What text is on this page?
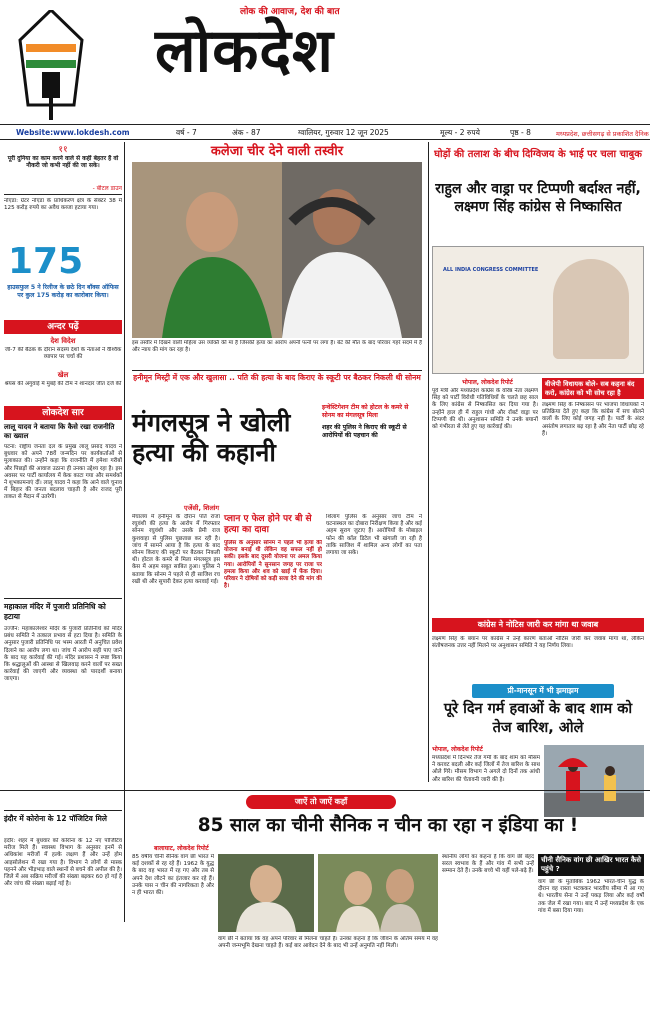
लोक की आवाज, देश की बात
लोकदेश
Website:www.lokdesh.com	वर्ष - 7	अंक - 87	ग्वालियर, गुरुवार 12 जून 2025	मूल्य - 2 रुपये	पृष्ठ - 8	मध्यप्रदेश, छत्तीसगढ़ से प्रकाशित दैनिक
११
पूरी दुनिया का काम करने वाले से कहीं बेहतर है वो नौकरी जो कभी नहीं की जा सके।
- बीटल डाउन
नोएडा: ग्रेटर नोएडा के प्राधिकरण क्षेत्र के सेक्टर 38 में 125 करोड़ रुपये का अवैध कब्जा हटाया गया।
175
हाउसफुल 5 ने रिलीज के छठे दिन बॉक्स ऑफिस पर कुल 175 करोड़ का कारोबार किया।
अन्दर पढ़ें
देश विदेश
जी-7 की बैठक के दौरान सदस्य देशों के नेताओं ने वैश्विक व्यापार पर चर्चा की
खेल
श्रेयस की अगुवाई में मुंबई की टीम ने शानदार जीत दर्ज की
लोकदेश सार
लालू यादव ने बताया कि कैसे रखा राजनीति का ख्याल
पटना: राष्ट्रीय जनता दल के प्रमुख लालू प्रसाद यादव ने बुधवार को अपने 78वें जन्मदिन पर कार्यकर्ताओं से मुलाकात की। उन्होंने कहा कि राजनीति में हमेशा गरीबों और पिछड़ों की आवाज उठाना ही उनका उद्देश्य रहा है। इस अवसर पर पार्टी कार्यालय में केक काटा गया और समर्थकों ने शुभकामनाएं दीं। लालू यादव ने कहा कि आने वाले चुनाव में बिहार की जनता बदलाव चाहती है और राजद पूरी ताकत से मैदान में उतरेगी।
महाकाल मंदिर में पुजारी प्रतिनिधि को हटाया
उज्जैन: महाकालेश्वर मंदिर के पुजारी प्रतिनिधि को मंदिर प्रबंध समिति ने तत्काल प्रभाव से हटा दिया है। समिति के अनुसार पुजारी प्रतिनिधि पर भस्म आरती में अनुचित प्रवेश दिलाने का आरोप लगा था। जांच में आरोप सही पाए जाने के बाद यह कार्रवाई की गई। मंदिर प्रशासन ने स्पष्ट किया कि श्रद्धालुओं की आस्था से खिलवाड़ करने वालों पर सख्त कार्रवाई की जाएगी और व्यवस्था को पारदर्शी बनाया जाएगा।
इंदौर में कोरोना के 12 पॉजिटिव मिले
इंदौर: शहर में बुधवार को कोरोना के 12 नए पॉजिटिव मरीज मिले हैं। स्वास्थ्य विभाग के अनुसार इनमें से अधिकांश मरीजों में हल्के लक्षण हैं और उन्हें होम आइसोलेशन में रखा गया है। विभाग ने लोगों से मास्क पहनने और भीड़भाड़ वाले स्थानों से बचने की अपील की है। जिले में अब सक्रिय मरीजों की संख्या बढ़कर 60 हो गई है और जांच की संख्या बढ़ाई गई है।
कलेजा चीर देने वाली तस्वीर
इस तस्वीर में दिखने वाली महिला उस व्यक्ति की मां है जिसकी हत्या का आरोप अपनी पत्नी पर लगा है। बेटे की मौत के बाद परिवार गहरे सदमे में है और न्याय की मांग कर रहा है।
हनीमून मिस्ट्री में एक और खुलासा .. पति की हत्या के बाद किराए के स्कूटी पर बैठकर निकली थी सोनम
मंगलसूत्र ने खोली हत्या की कहानी
इन्वेस्टिगेशन टीम को होटल के कमरे से सोनम का मंगलसूत्र मिला
शहर की पुलिस ने किराए की स्कूटी से आरोपियों की पहचान की
एजेंसी, शिलांग
मेघालय में हनीमून के दौरान पति राजा रघुवंशी की हत्या के आरोप में गिरफ्तार सोनम रघुवंशी और उसके प्रेमी राज कुशवाहा से पुलिस पूछताछ कर रही है। जांच में सामने आया है कि हत्या के बाद सोनम किराए की स्कूटी पर बैठकर निकली थी। होटल के कमरे से मिला मंगलसूत्र इस केस में अहम सबूत साबित हुआ। पुलिस ने बताया कि सोनम ने पहले से ही साजिश रच रखी थी और सुपारी देकर हत्या करवाई गई।
प्लान ए फेल होने पर बी से हत्या का दावा
पुलिस के अनुसार सोनम ने पहले भी हत्या की योजना बनाई थी लेकिन वह सफल नहीं हो सकी। इसके बाद दूसरी योजना पर अमल किया गया। आरोपियों ने सुनसान जगह पर राजा पर हमला किया और शव को खाई में फेंक दिया। परिवार ने दोषियों को कड़ी सजा देने की मांग की है।
शिलांग पुलिस के अनुसार जांच टीम ने घटनास्थल का दोबारा निरीक्षण किया है और कई अहम सुराग जुटाए हैं। आरोपियों के मोबाइल फोन की कॉल डिटेल भी खंगाली जा रही है ताकि साजिश में शामिल अन्य लोगों का पता लगाया जा सके।
घोड़ों की तलाश के बीच दिग्विजय के भाई पर चला चाबुक
राहुल और वाड्रा पर टिप्पणी बर्दाश्त नहीं, लक्ष्मण सिंह कांग्रेस से निष्कासित
ALL INDIA CONGRESS COMMITTEE
भोपाल, लोकदेश रिपोर्ट
पूर्व मंत्री और मध्यप्रदेश कांग्रेस के वरिष्ठ नेता लक्ष्मण सिंह को पार्टी विरोधी गतिविधियों के चलते छह साल के लिए कांग्रेस से निष्कासित कर दिया गया है। उन्होंने हाल ही में राहुल गांधी और रॉबर्ट वाड्रा पर टिप्पणी की थी। अनुशासन समिति ने उनके बयानों को गंभीरता से लेते हुए यह कार्रवाई की।
बीजेपी विधायक बोले- सब कहना बंद करो, कांग्रेस को भी सोच रहा है
लक्ष्मण सिंह के निष्कासन पर भाजपा विधायकों ने प्रतिक्रिया देते हुए कहा कि कांग्रेस में सच बोलने वालों के लिए कोई जगह नहीं है। पार्टी के अंदर असंतोष लगातार बढ़ रहा है और नेता पार्टी छोड़ रहे हैं।
कांग्रेस ने नोटिस जारी कर मांगा था जवाब
लक्ष्मण सिंह के बयान पर कांग्रेस ने उन्हें कारण बताओ नोटिस जारी कर जवाब मांगा था, लेकिन संतोषजनक उत्तर नहीं मिलने पर अनुशासन समिति ने यह निर्णय लिया।
प्री-मानसून में भी झमाझम
पूरे दिन गर्म हवाओं के बाद शाम को तेज बारिश, ओले
भोपाल, लोकदेश रिपोर्ट
मध्यप्रदेश में दिनभर तेज गर्मी के बाद शाम को मौसम ने करवट बदली और कई जिलों में तेज बारिश के साथ ओले गिरे। मौसम विभाग ने अगले दो दिनों तक आंधी और बारिश की चेतावनी जारी की है।
जाऐं तो जाऐं कहाँ
85 साल का चीनी सैनिक न चीन का रहा न इंडिया का !
बालाघाट, लोकदेश रिपोर्ट
85 वर्षीय चीनी सैनिक वांग छी भारत में कई दशकों से रह रहे हैं। 1962 के युद्ध के बाद वह भारत में रह गए और तब से अपने देश लौटने का इंतजार कर रहे हैं। उनके पास न चीन की नागरिकता है और न ही भारत की।
वांग छी ने बताया कि वह अपने परिवार से मिलना चाहते हैं। उनका कहना है कि जीवन के अंतिम समय में वह अपनी जन्मभूमि देखना चाहते हैं। कई बार आवेदन देने के बाद भी उन्हें अनुमति नहीं मिली।
स्थानीय लोगों का कहना है कि वांग छी बेहद सरल स्वभाव के हैं और गांव में सभी उन्हें सम्मान देते हैं। उनके बच्चे भी यहीं पले-बढ़े हैं।
चीनी सैनिक वांग छी आखिर भारत कैसे पहुंचे ?
वांग छी के मुताबिक 1962 भारत-चीन युद्ध के दौरान वह रास्ता भटककर भारतीय सीमा में आ गए थे। भारतीय सेना ने उन्हें पकड़ लिया और कई वर्षों तक जेल में रखा गया। बाद में उन्हें मध्यप्रदेश के एक गांव में बसा दिया गया।
